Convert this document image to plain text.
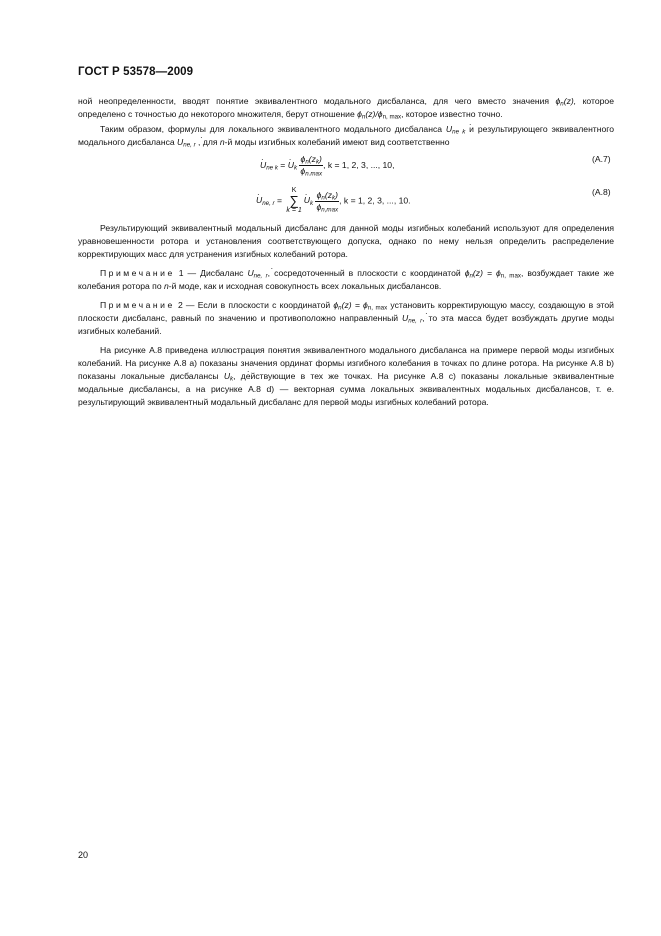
ГОСТ Р 53578—2009

ной неопределенности, вводят понятие эквивалентного модального дисбаланса, для чего вместо значения $\phi_n(z)$, которое определено с точностью до некоторого множителя, берут отношение $\phi_n(z)/\phi_{n, max}$, которое известно точно.

Таким образом, формулы для локального эквивалентного модального дисбаланса · $U_{nе k}$ и результирующего эквивалентного модального дисбаланса · $U_{nе, r}$ , для n-й моды изгибных колебаний имеют вид соответственно

· $U_{nе k}$ = · $U_k \frac{\phi_n(z_k)}{\phi_{n.max}}$ , k = 1, 2, 3, ..., 10,
(А.7)
· $U_{nе, r} = K$
∑
$k = 1\cdot U_k \frac{\phi_n(z_k)}{\phi_{n,max}}$ , k = 1, 2, 3, ..., 10.
(А.8)

Результирующий эквивалентный модальный дисбаланс для данной моды изгибных колебаний используют для определения уравновешенности ротора и установления соответствующего допуска, однако по нему нельзя определить распределение корректирующих масс для устранения изгибных колебаний ротора.

Примечание 1 — Дисбаланс · $U_{nе, r}$, сосредоточенный в плоскости с координатой $\phi_n(z) = \phi_{n, max}$, возбуждает такие же колебания ротора по n-й моде, как и исходная совокупность всех локальных дисбалансов.

Примечание 2 — Если в плоскости с координатой $\phi_n(z) = \phi_{n, max}$ установить корректирующую массу, создающую в этой плоскости дисбаланс, равный по значению и противоположно направленный · $U_{nе, r}$, то эта масса будет возбуждать другие моды изгибных колебаний.

На рисунке А.8 приведена иллюстрация понятия эквивалентного модального дисбаланса на примере первой моды изгибных колебаний. На рисунке А.8 а) показаны значения ординат формы изгибного колебания в точках по длине ротора. На рисунке А.8 b) показаны локальные дисбалансы · $U_k$, действующие в тех же точках. На рисунке А.8 с) показаны локальные эквивалентные модальные дисбалансы, а на рисунке А.8 d) — векторная сумма локальных эквивалентных модальных дисбалансов, т. е. результирующий эквивалентный модальный дисбаланс для первой моды изгибных колебаний ротора.

20
